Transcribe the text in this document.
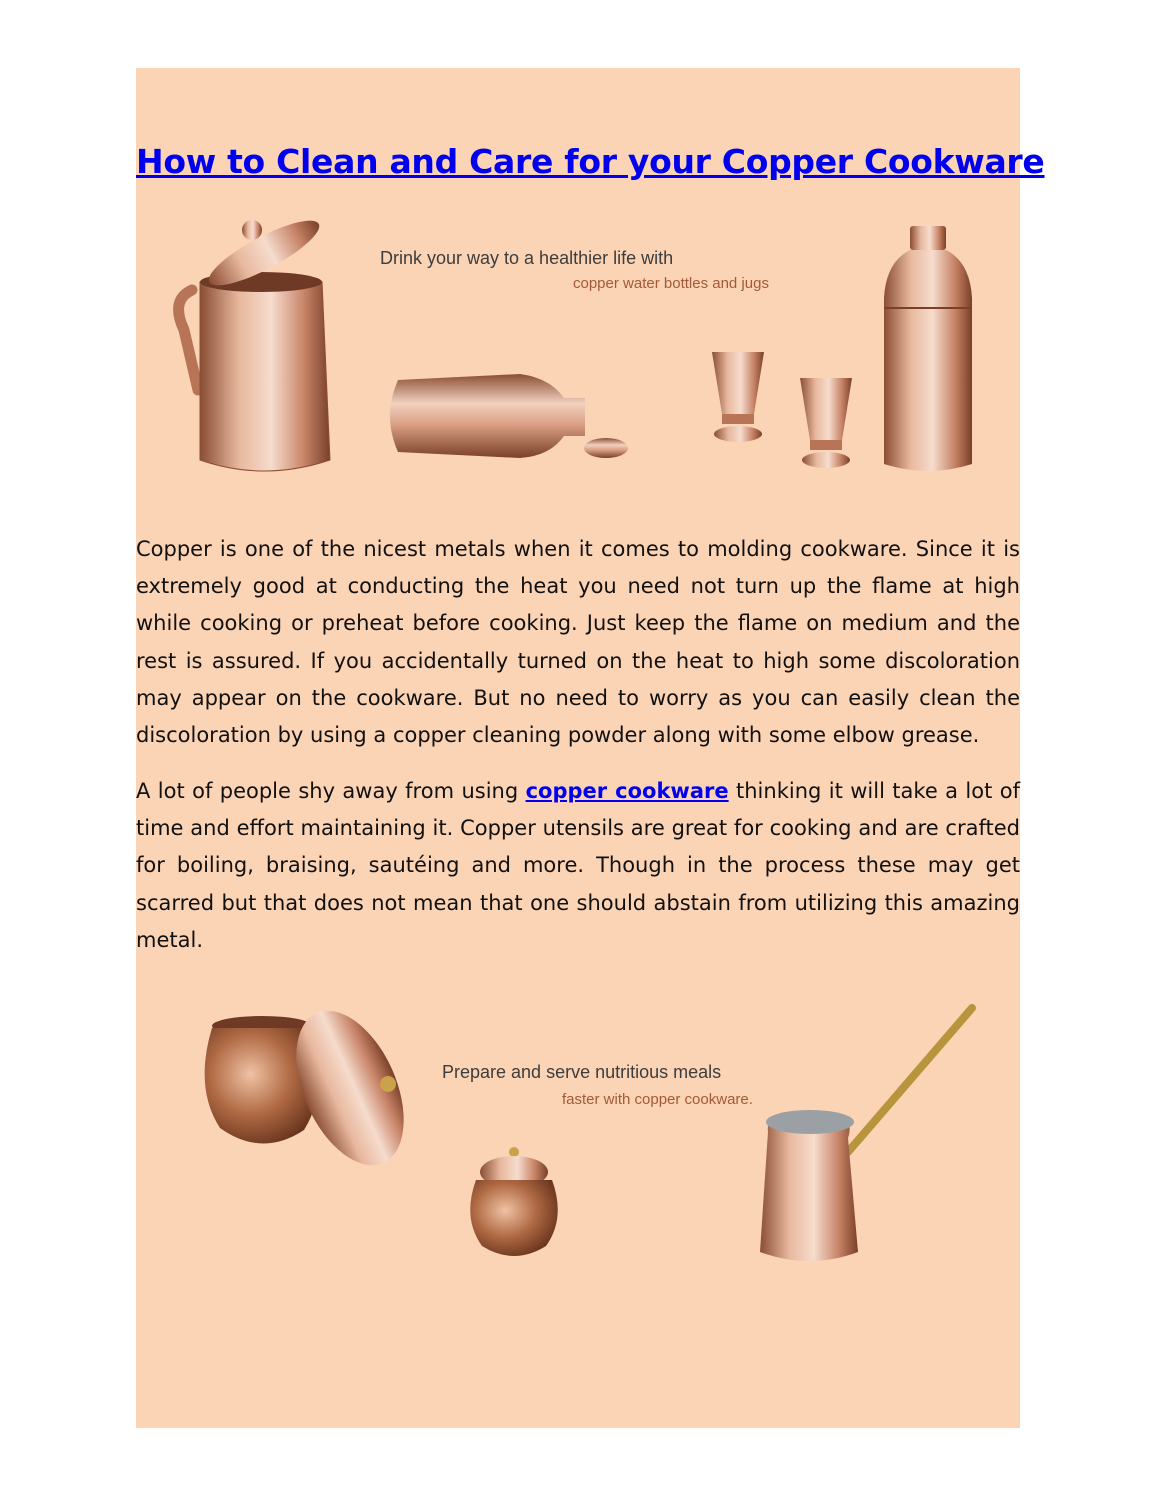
How to Clean and Care for your Copper Cookware
Drink your way to a healthier life with
copper water bottles and jugs

Copper is one of the nicest metals when it comes to molding cookware. Since it is extremely good at conducting the heat you need not turn up the flame at high while cooking or preheat before cooking. Just keep the flame on medium and the rest is assured. If you accidentally turned on the heat to high some discoloration may appear on the cookware. But no need to worry as you can easily clean the discoloration by using a copper cleaning powder along with some elbow grease.

A lot of people shy away from using copper cookware thinking it will take a lot of time and effort maintaining it. Copper utensils are great for cooking and are crafted for boiling, braising, sautéing and more. Though in the process these may get scarred but that does not mean that one should abstain from utilizing this amazing metal.

Prepare and serve nutritious meals
faster with copper cookware.
